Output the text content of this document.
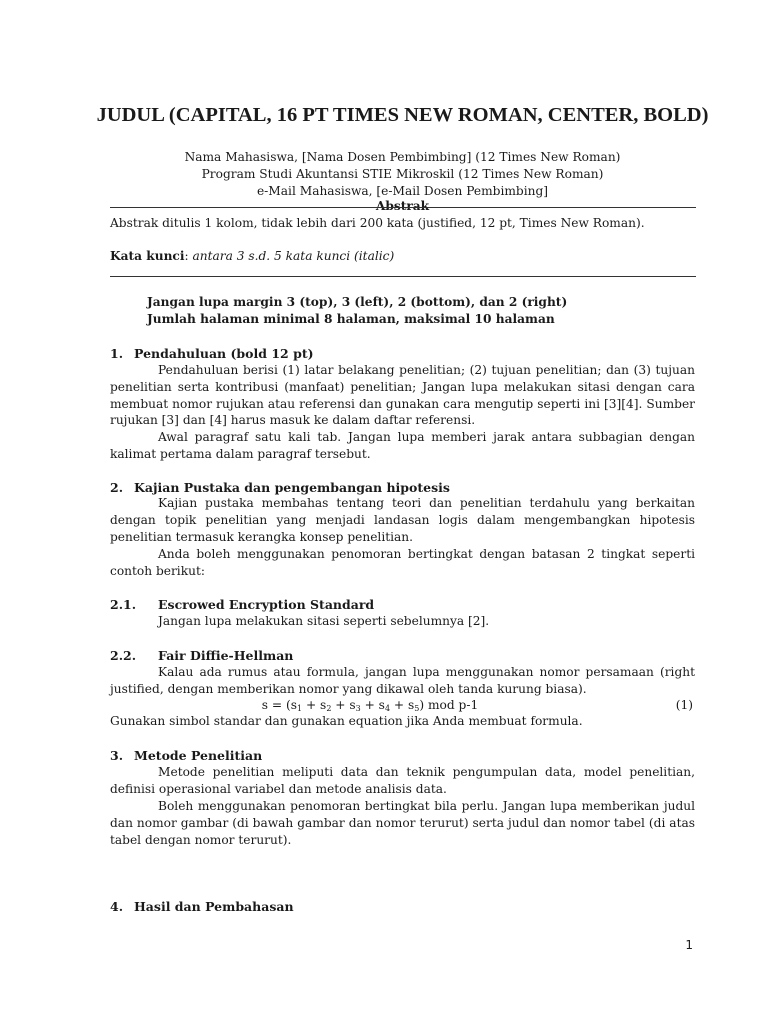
JUDUL (CAPITAL, 16 PT TIMES NEW ROMAN, CENTER, BOLD)

Nama Mahasiswa, [Nama Dosen Pembimbing] (12 Times New Roman)

Program Studi Akuntansi STIE Mikroskil (12 Times New Roman)

e-Mail Mahasiswa, [e-Mail Dosen Pembimbing]

Abstrak

Abstrak ditulis 1 kolom, tidak lebih dari 200 kata (justified, 12 pt, Times New Roman).

Kata kunci: antara 3 s.d. 5 kata kunci (italic)

Jangan lupa margin 3 (top), 3 (left), 2 (bottom), dan 2 (right)

Jumlah halaman minimal 8 halaman, maksimal 10 halaman

1. Pendahuluan (bold 12 pt)

Pendahuluan berisi (1) latar belakang penelitian; (2) tujuan penelitian; dan (3) tujuan penelitian serta kontribusi (manfaat) penelitian; Jangan lupa melakukan sitasi dengan cara membuat nomor rujukan atau referensi dan gunakan cara mengutip seperti ini [3][4]. Sumber rujukan [3] dan [4] harus masuk ke dalam daftar referensi.

Awal paragraf satu kali tab. Jangan lupa memberi jarak antara subbagian dengan kalimat pertama dalam paragraf tersebut.

2. Kajian Pustaka dan pengembangan hipotesis

Kajian pustaka membahas tentang teori dan penelitian terdahulu yang berkaitan dengan topik penelitian yang menjadi landasan logis dalam mengembangkan hipotesis penelitian termasuk kerangka konsep penelitian.

Anda boleh menggunakan penomoran bertingkat dengan batasan 2 tingkat seperti contoh berikut:

2.1. Escrowed Encryption Standard

Jangan lupa melakukan sitasi seperti sebelumnya [2].

2.2. Fair Diffie-Hellman

Kalau ada rumus atau formula, jangan lupa menggunakan nomor persamaan (right justified, dengan memberikan nomor yang dikawal oleh tanda kurung biasa).

$s = (s_1 + s_2 + s_3 + s_4 + s_5)$ mod p-1	(1)

Gunakan simbol standar dan gunakan equation jika Anda membuat formula.

3. Metode Penelitian

Metode penelitian meliputi data dan teknik pengumpulan data, model penelitian, definisi operasional variabel dan metode analisis data.

Boleh menggunakan penomoran bertingkat bila perlu. Jangan lupa memberikan judul dan nomor gambar (di bawah gambar dan nomor terurut) serta judul dan nomor tabel (di atas tabel dengan nomor terurut).

4. Hasil dan Pembahasan
1
